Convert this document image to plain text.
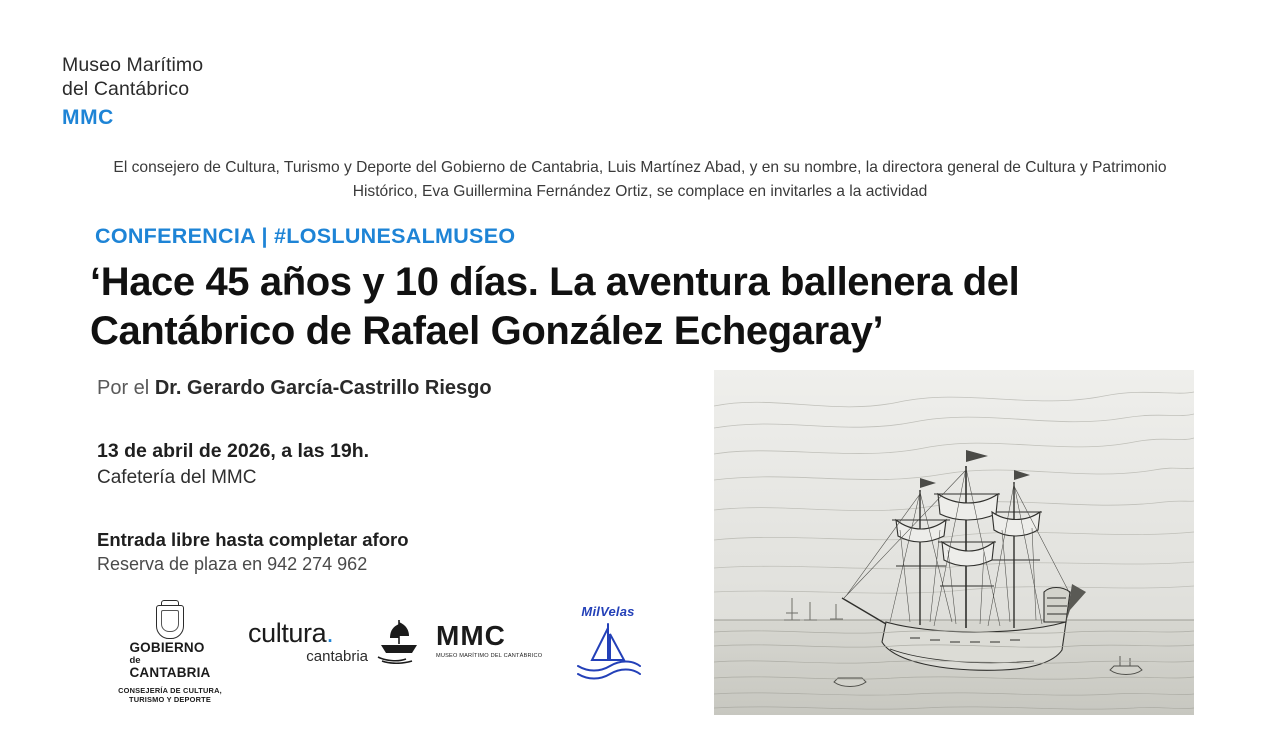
Museo Marítimo
del Cantábrico
MMC
El consejero de Cultura, Turismo y Deporte del Gobierno de Cantabria, Luis Martínez Abad, y en su nombre, la directora general de Cultura y Patrimonio Histórico, Eva Guillermina Fernández Ortiz, se complace en invitarles a la actividad
CONFERENCIA | #LOSLUNESALMUSEO
‘Hace 45 años y 10 días. La aventura ballenera del Cantábrico de Rafael González Echegaray’
Por el Dr. Gerardo García-Castrillo Riesgo
13 de abril de 2026, a las 19h.
Cafetería del MMC
Entrada libre hasta completar aforo
Reserva de plaza en 942 274 962
GOBIERNO
de
CANTABRIA
CONSEJERÍA DE CULTURA,
TURISMO Y DEPORTE
cultura.
cantabria
MMC
MUSEO MARÍTIMO DEL CANTÁBRICO
MilVelas
